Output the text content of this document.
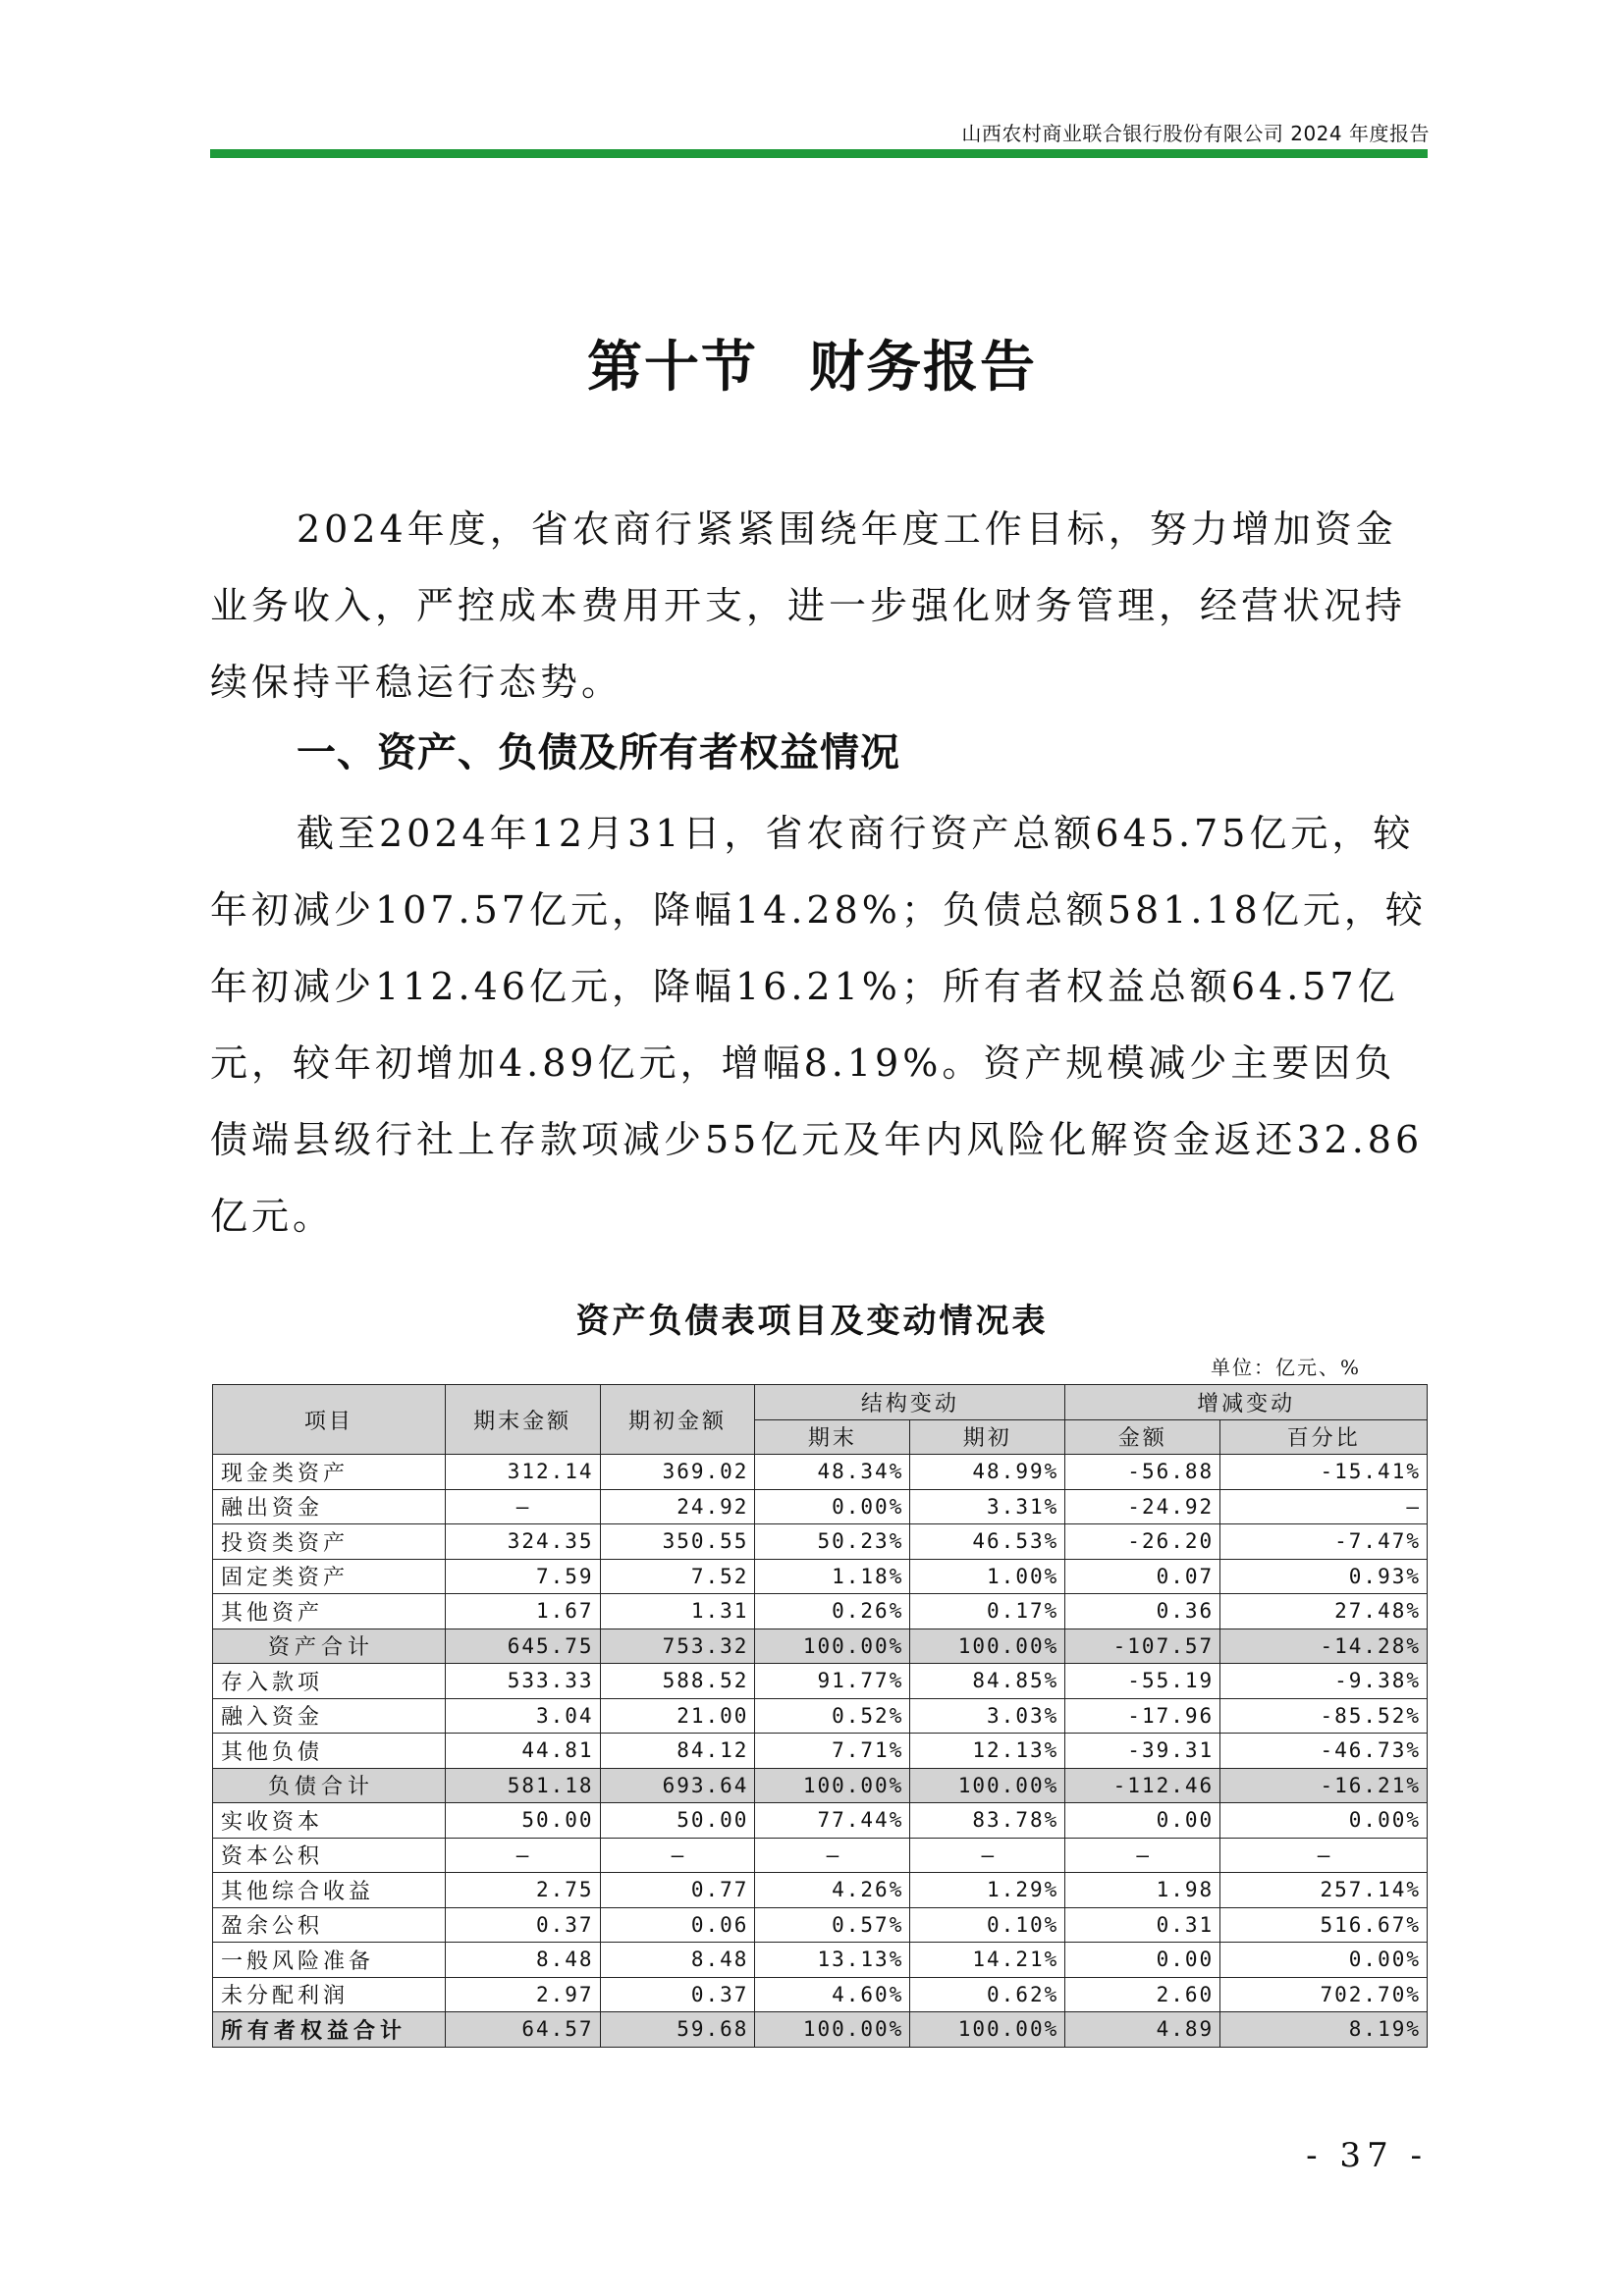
山西农村商业联合银行股份有限公司 2024 年度报告
第十节 财务报告

2024年度，省农商行紧紧围绕年度工作目标，努力增加资金业务收入，严控成本费用开支，进一步强化财务管理，经营状况持续保持平稳运行态势。

一、资产、负债及所有者权益情况

截至2024年12月31日，省农商行资产总额645.75亿元，较年初减少107.57亿元，降幅14.28%；负债总额581.18亿元，较年初减少112.46亿元，降幅16.21%；所有者权益总额64.57亿元，较年初增加4.89亿元，增幅8.19%。资产规模减少主要因负债端县级行社上存款项减少55亿元及年内风险化解资金返还32.86亿元。

资产负债表项目及变动情况表
单位：亿元、%
项目	期末金额	期初金额	结构变动		增减变动	
			期末	期初	金额	百分比
现金类资产	312.14	369.02	48.34%	48.99%	-56.88	-15.41%
融出资金	–	24.92	0.00%	3.31%	-24.92	–
投资类资产	324.35	350.55	50.23%	46.53%	-26.20	-7.47%
固定类资产	7.59	7.52	1.18%	1.00%	0.07	0.93%
其他资产	1.67	1.31	0.26%	0.17%	0.36	27.48%
资产合计	645.75	753.32	100.00%	100.00%	-107.57	-14.28%
存入款项	533.33	588.52	91.77%	84.85%	-55.19	-9.38%
融入资金	3.04	21.00	0.52%	3.03%	-17.96	-85.52%
其他负债	44.81	84.12	7.71%	12.13%	-39.31	-46.73%
负债合计	581.18	693.64	100.00%	100.00%	-112.46	-16.21%
实收资本	50.00	50.00	77.44%	83.78%	0.00	0.00%
资本公积	–	–	–	–	–	–
其他综合收益	2.75	0.77	4.26%	1.29%	1.98	257.14%
盈余公积	0.37	0.06	0.57%	0.10%	0.31	516.67%
一般风险准备	8.48	8.48	13.13%	14.21%	0.00	0.00%
未分配利润	2.97	0.37	4.60%	0.62%	2.60	702.70%
所有者权益合计	64.57	59.68	100.00%	100.00%	4.89	8.19%
- 37 -
